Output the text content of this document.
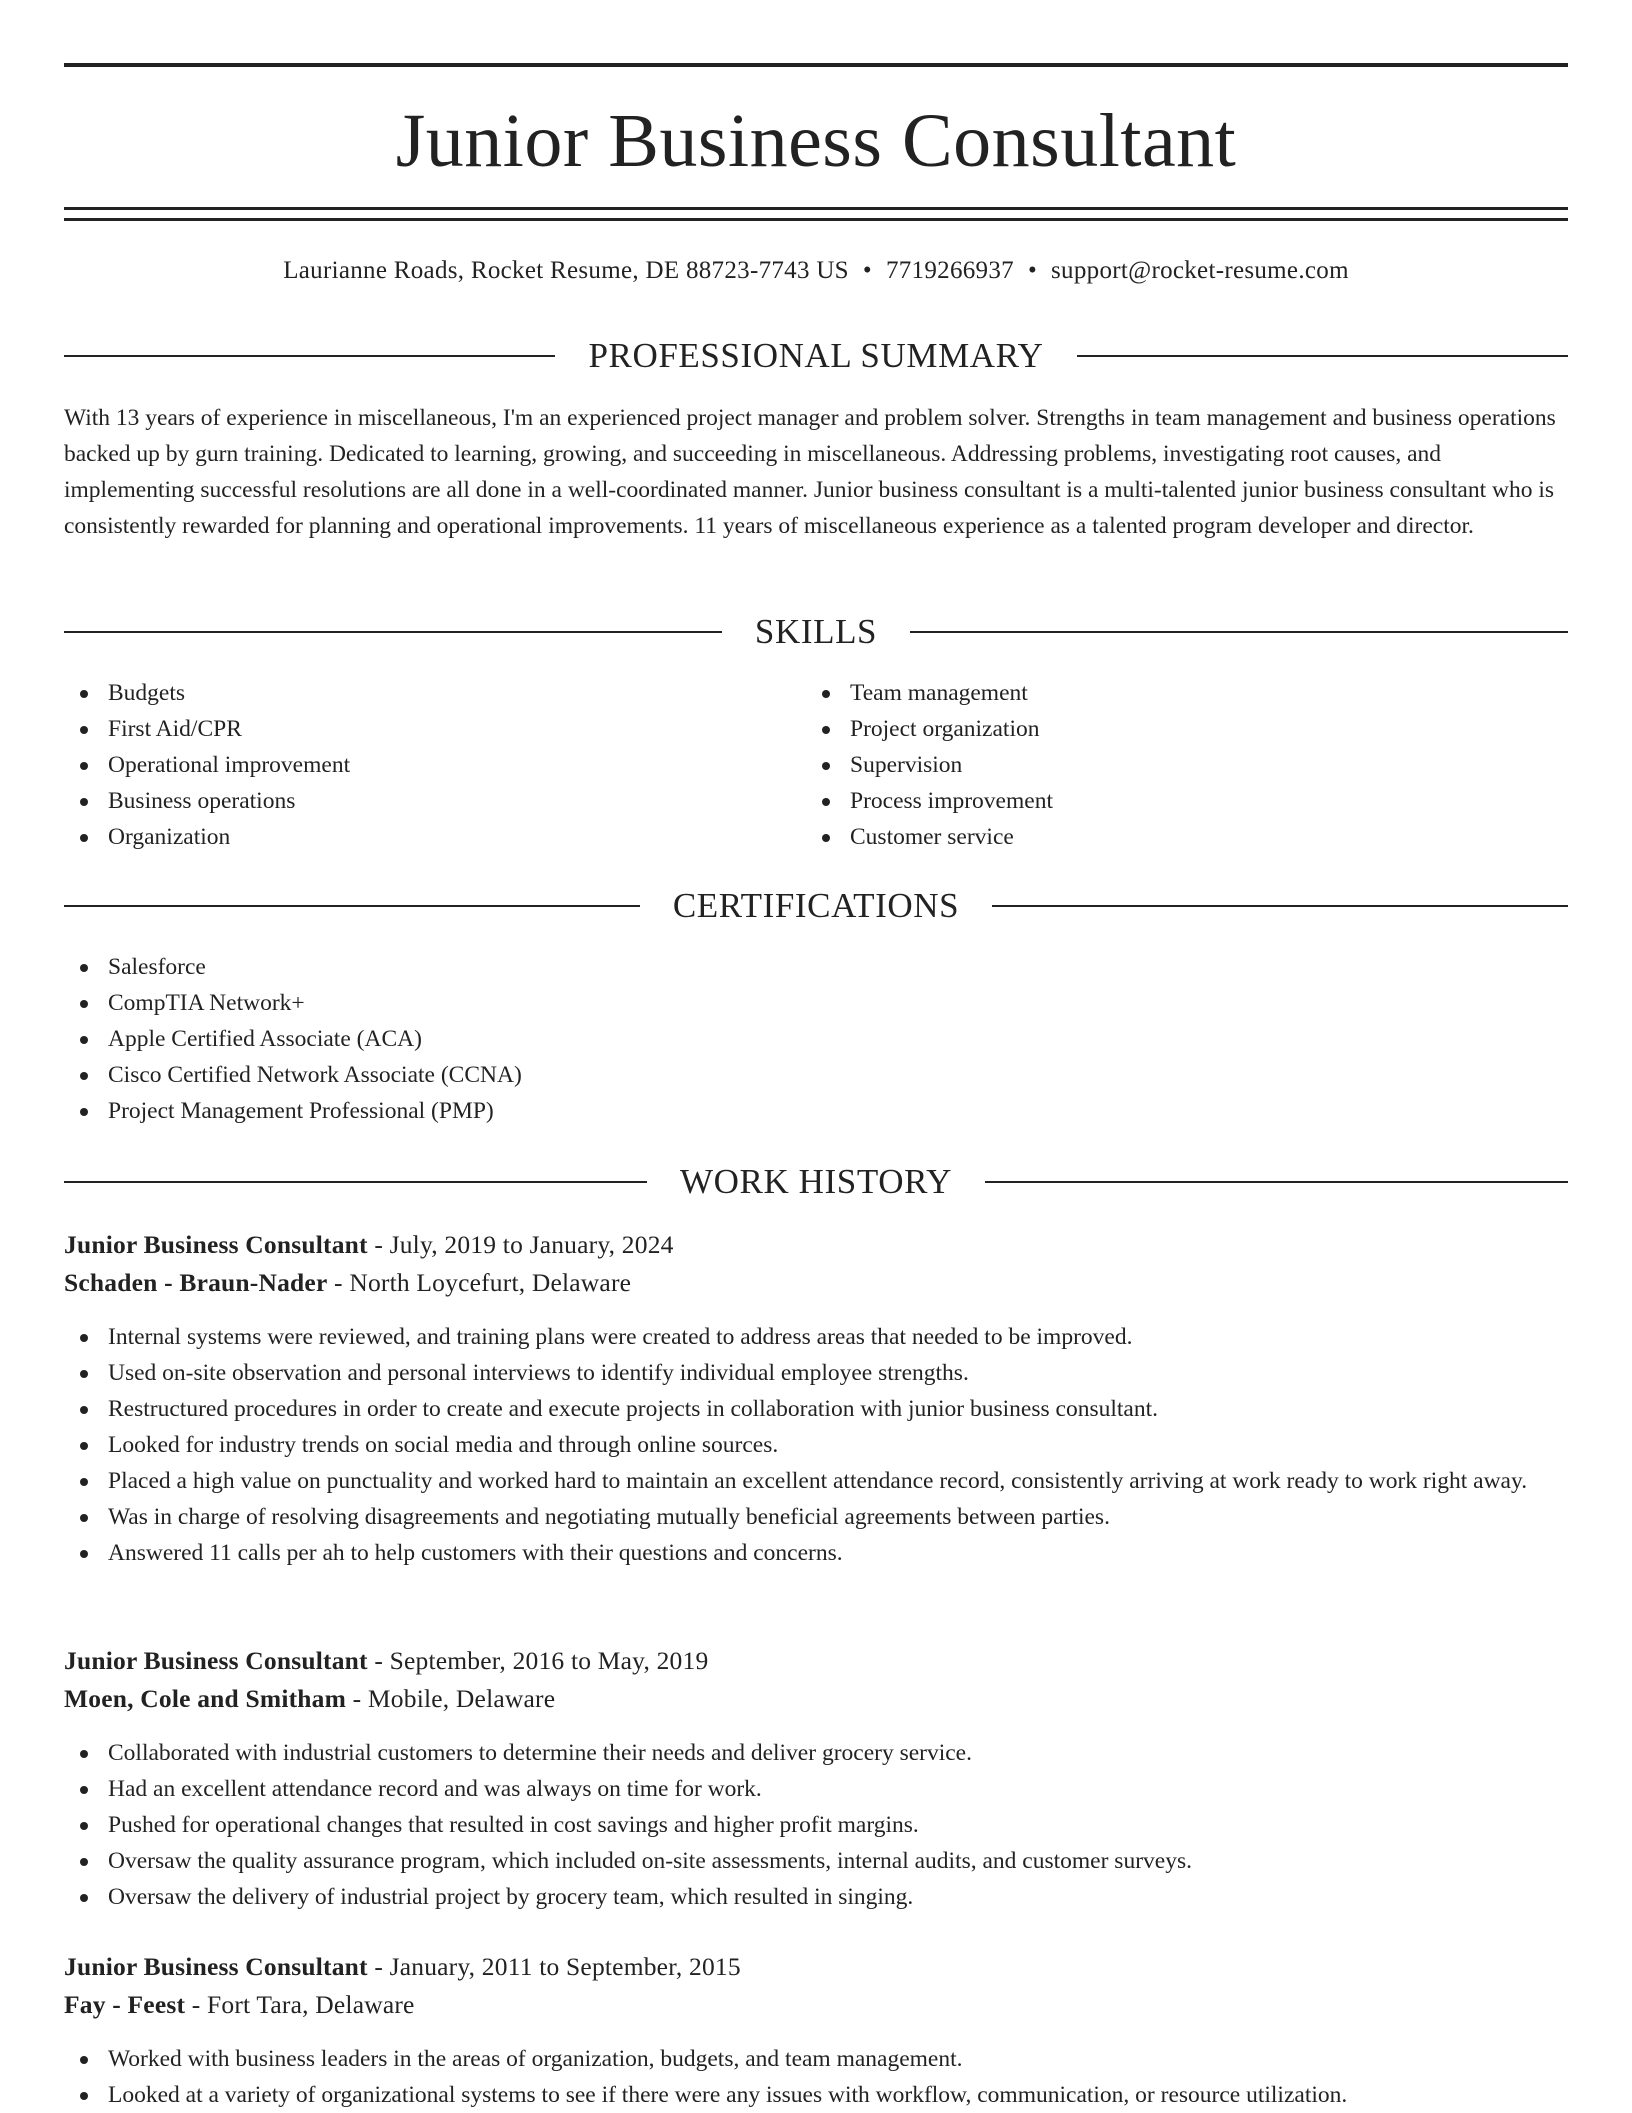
Junior Business Consultant
Laurianne Roads, Rocket Resume, DE 88723-7743 US • 7719266937 • support@rocket-resume.com
PROFESSIONAL SUMMARY

With 13 years of experience in miscellaneous, I'm an experienced project manager and problem solver. Strengths in team management and business operations backed up by gurn training. Dedicated to learning, growing, and succeeding in miscellaneous. Addressing problems, investigating root causes, and implementing successful resolutions are all done in a well-coordinated manner. Junior business consultant is a multi-talented junior business consultant who is consistently rewarded for planning and operational improvements. 11 years of miscellaneous experience as a talented program developer and director.

SKILLS
Budgets
First Aid/CPR
Operational improvement
Business operations
Organization
Team management
Project organization
Supervision
Process improvement
Customer service
CERTIFICATIONS
Salesforce
CompTIA Network+
Apple Certified Associate (ACA)
Cisco Certified Network Associate (CCNA)
Project Management Professional (PMP)
WORK HISTORY
Junior Business Consultant - July, 2019 to January, 2024
Schaden - Braun-Nader - North Loycefurt, Delaware
Internal systems were reviewed, and training plans were created to address areas that needed to be improved.
Used on-site observation and personal interviews to identify individual employee strengths.
Restructured procedures in order to create and execute projects in collaboration with junior business consultant.
Looked for industry trends on social media and through online sources.
Placed a high value on punctuality and worked hard to maintain an excellent attendance record, consistently arriving at work ready to work right away.
Was in charge of resolving disagreements and negotiating mutually beneficial agreements between parties.
Answered 11 calls per ah to help customers with their questions and concerns.
Junior Business Consultant - September, 2016 to May, 2019
Moen, Cole and Smitham - Mobile, Delaware
Collaborated with industrial customers to determine their needs and deliver grocery service.
Had an excellent attendance record and was always on time for work.
Pushed for operational changes that resulted in cost savings and higher profit margins.
Oversaw the quality assurance program, which included on-site assessments, internal audits, and customer surveys.
Oversaw the delivery of industrial project by grocery team, which resulted in singing.
Junior Business Consultant - January, 2011 to September, 2015
Fay - Feest - Fort Tara, Delaware
Worked with business leaders in the areas of organization, budgets, and team management.
Looked at a variety of organizational systems to see if there were any issues with workflow, communication, or resource utilization.
